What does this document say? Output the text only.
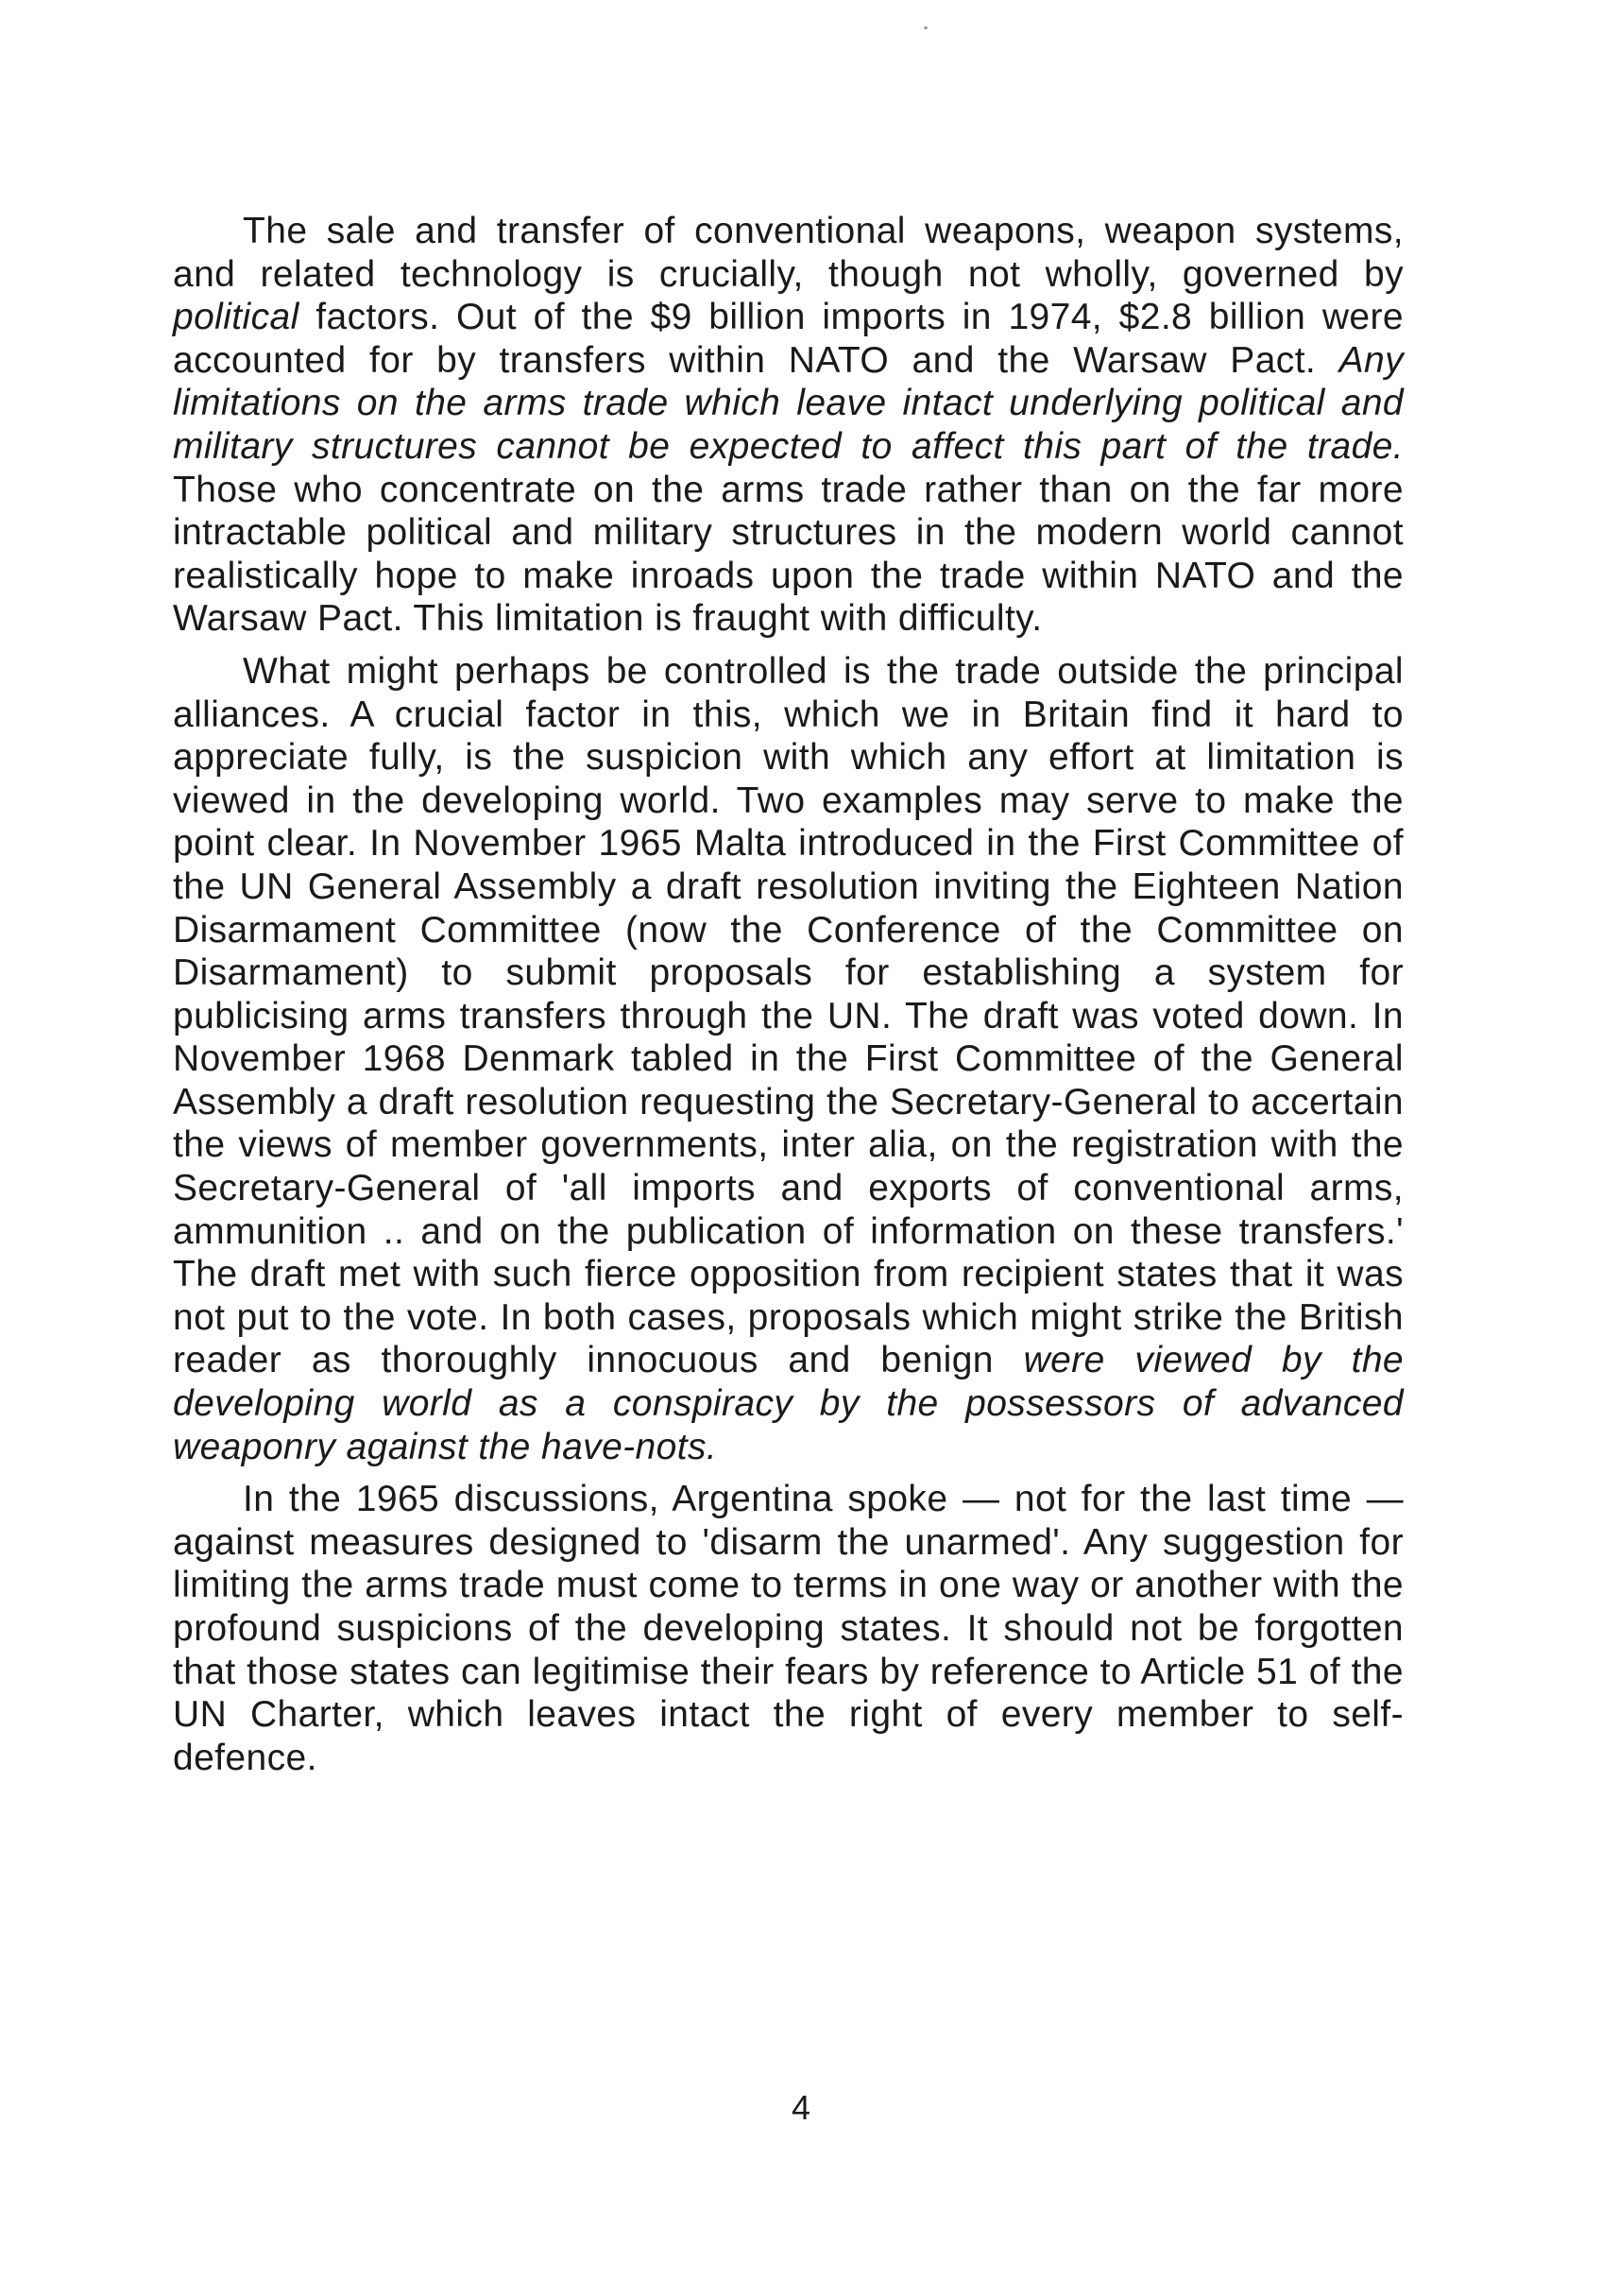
The sale and transfer of conventional weapons, weapon systems, and related technology is crucially, though not wholly, governed by political factors. Out of the $9 billion imports in 1974, $2.8 billion were accounted for by transfers within NATO and the Warsaw Pact. Any limitations on the arms trade which leave intact underlying political and military structures cannot be expected to affect this part of the trade. Those who concentrate on the arms trade rather than on the far more intractable political and military structures in the modern world cannot realistically hope to make inroads upon the trade within NATO and the Warsaw Pact. This limitation is fraught with difficulty.

What might perhaps be controlled is the trade outside the principal alliances. A crucial factor in this, which we in Britain find it hard to appreciate fully, is the suspicion with which any effort at limitation is viewed in the developing world. Two examples may serve to make the point clear. In November 1965 Malta introduced in the First Committee of the UN General Assembly a draft resolution inviting the Eighteen Nation Disarmament Committee (now the Conference of the Committee on Disarmament) to submit proposals for establishing a system for publicising arms transfers through the UN. The draft was voted down. In November 1968 Denmark tabled in the First Committee of the General Assembly a draft resolution requesting the Secretary-General to accertain the views of member governments, inter alia, on the registration with the Secretary-General of 'all imports and exports of conventional arms, ammunition .. and on the publication of information on these transfers.' The draft met with such fierce opposition from recipient states that it was not put to the vote. In both cases, proposals which might strike the British reader as thoroughly innocuous and benign were viewed by the developing world as a conspiracy by the possessors of advanced weaponry against the have-nots.

In the 1965 discussions, Argentina spoke — not for the last time — against measures designed to 'disarm the unarmed'. Any suggestion for limiting the arms trade must come to terms in one way or another with the profound suspicions of the developing states. It should not be forgotten that those states can legitimise their fears by reference to Article 51 of the UN Charter, which leaves intact the right of every member to self-defence.

4
